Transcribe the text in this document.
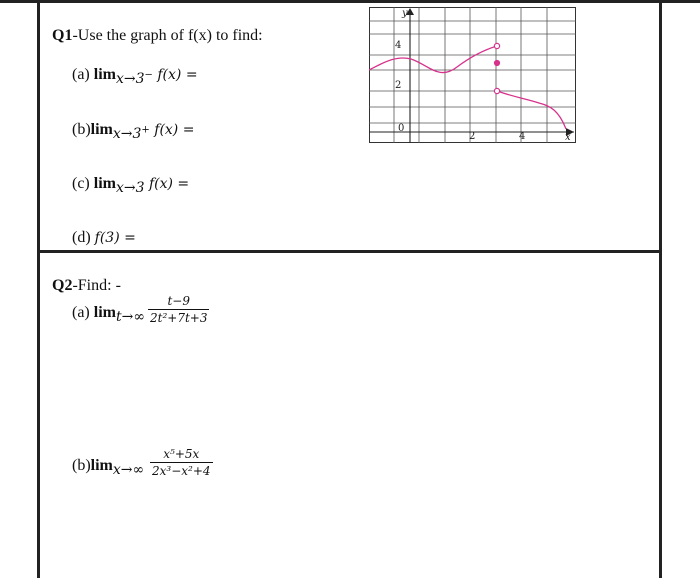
Q1-Use the graph of f(x) to find:
(a) $\lim_{x\to 3^-} f(x)$ =
$(b)\lim_{x\to 3^+}$ f(x) =
(c) $\lim_{x\to 3} f(x)$ =
(d) f(3) =
y
x
4
2
0
2	4
Q2-Find: -
(a) $\lim_{t\to\infty} \frac{t-9}{\text{2t²+7t+3}}$
$(b)\lim_{x\to\infty} \frac{\text{x⁵+5x}}{\text{2x³−x²+4}}$
